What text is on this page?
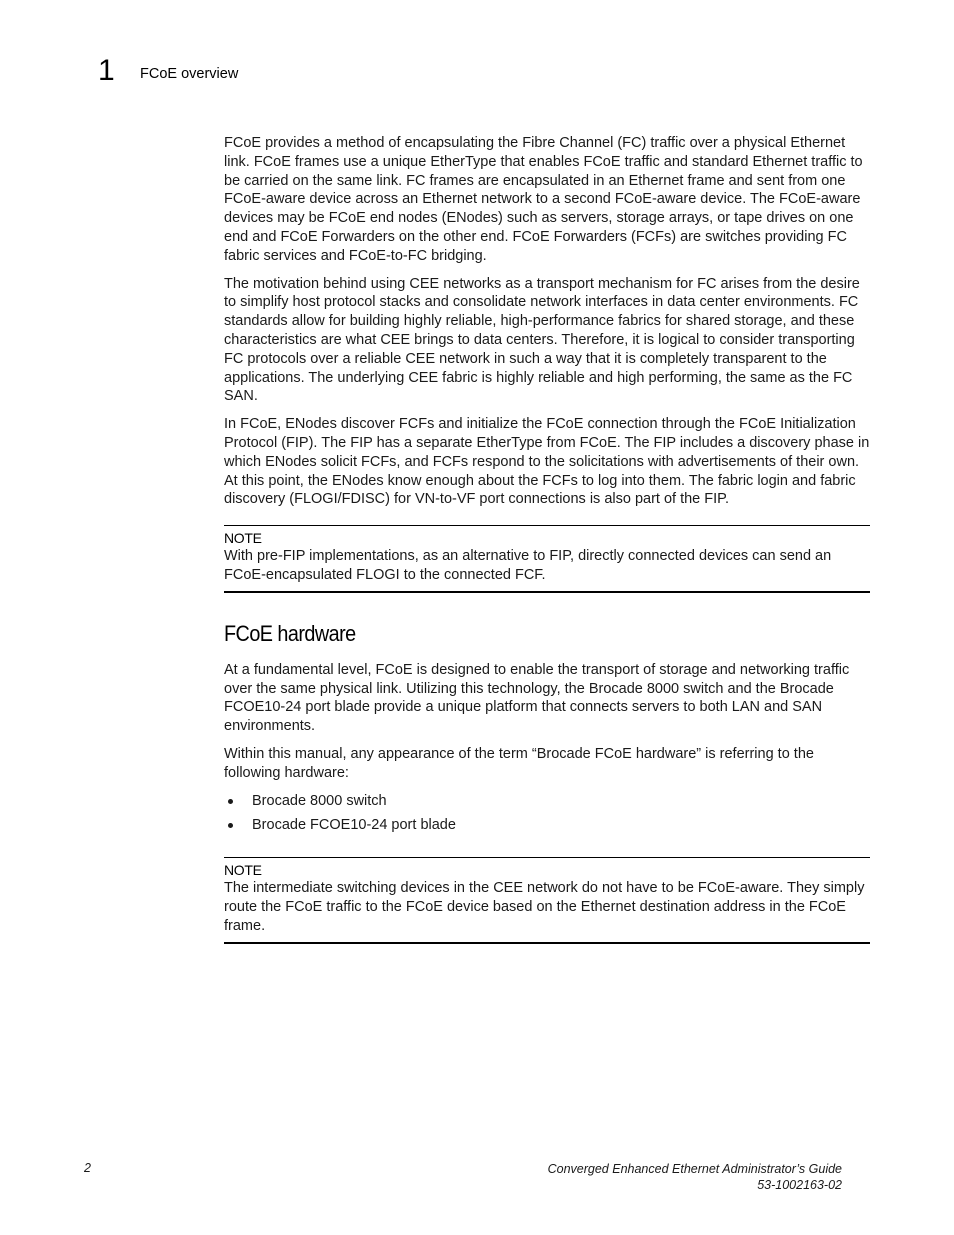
1 FCoE overview

FCoE provides a method of encapsulating the Fibre Channel (FC) traffic over a physical Ethernet link. FCoE frames use a unique EtherType that enables FCoE traffic and standard Ethernet traffic to be carried on the same link. FC frames are encapsulated in an Ethernet frame and sent from one FCoE-aware device across an Ethernet network to a second FCoE-aware device. The FCoE-aware devices may be FCoE end nodes (ENodes) such as servers, storage arrays, or tape drives on one end and FCoE Forwarders on the other end. FCoE Forwarders (FCFs) are switches providing FC fabric services and FCoE-to-FC bridging.

The motivation behind using CEE networks as a transport mechanism for FC arises from the desire to simplify host protocol stacks and consolidate network interfaces in data center environments. FC standards allow for building highly reliable, high-performance fabrics for shared storage, and these characteristics are what CEE brings to data centers. Therefore, it is logical to consider transporting FC protocols over a reliable CEE network in such a way that it is completely transparent to the applications. The underlying CEE fabric is highly reliable and high performing, the same as the FC SAN.

In FCoE, ENodes discover FCFs and initialize the FCoE connection through the FCoE Initialization Protocol (FIP). The FIP has a separate EtherType from FCoE. The FIP includes a discovery phase in which ENodes solicit FCFs, and FCFs respond to the solicitations with advertisements of their own. At this point, the ENodes know enough about the FCFs to log into them. The fabric login and fabric discovery (FLOGI/FDISC) for VN-to-VF port connections is also part of the FIP.

NOTE
With pre-FIP implementations, as an alternative to FIP, directly connected devices can send an FCoE-encapsulated FLOGI to the connected FCF.
FCoE hardware

At a fundamental level, FCoE is designed to enable the transport of storage and networking traffic over the same physical link. Utilizing this technology, the Brocade 8000 switch and the Brocade FCOE10-24 port blade provide a unique platform that connects servers to both LAN and SAN environments.

Within this manual, any appearance of the term “Brocade FCoE hardware” is referring to the following hardware:

Brocade 8000 switch
Brocade FCOE10-24 port blade
NOTE
The intermediate switching devices in the CEE network do not have to be FCoE-aware. They simply route the FCoE traffic to the FCoE device based on the Ethernet destination address in the FCoE frame.
2	Converged Enhanced Ethernet Administrator’s Guide
53-1002163-02
